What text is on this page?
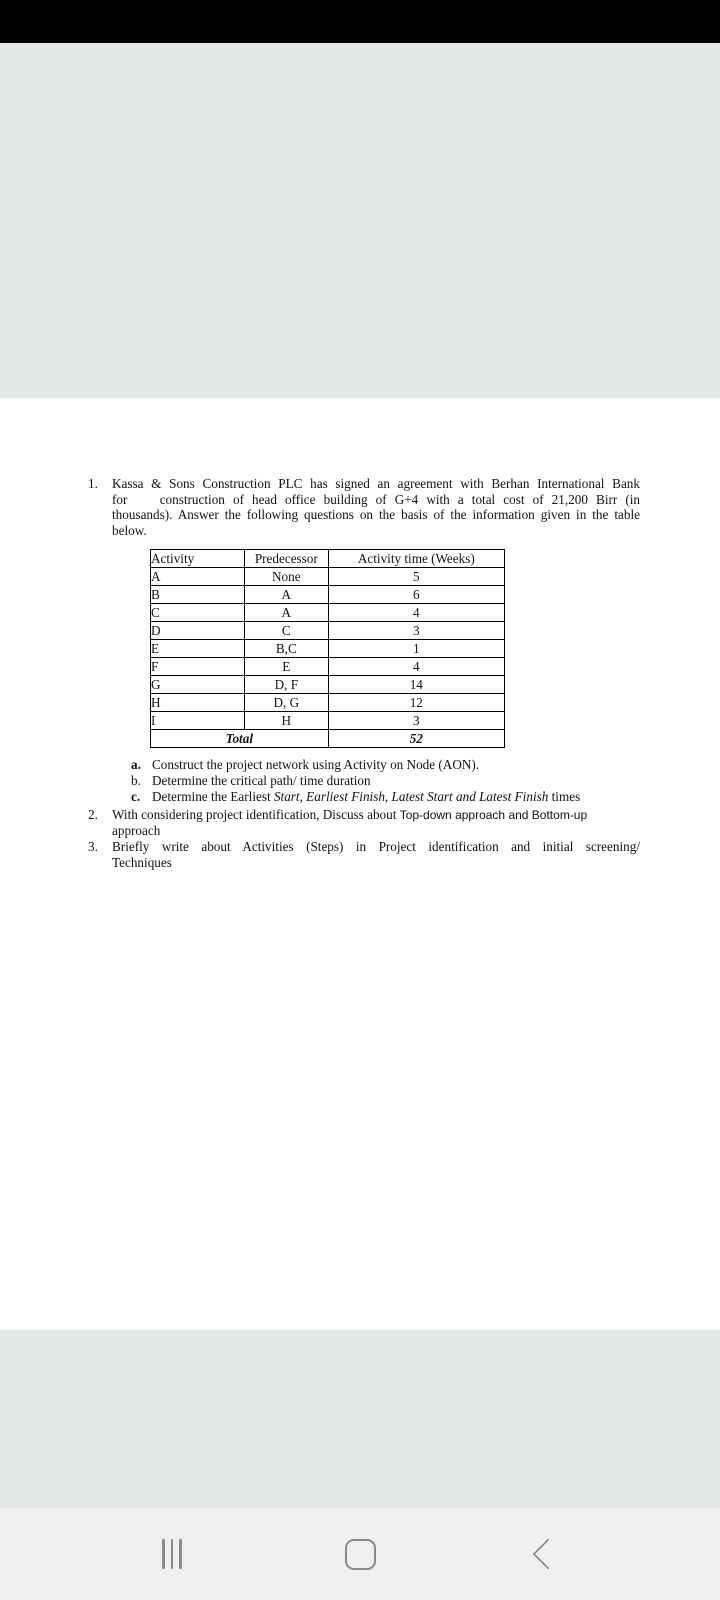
1.	Kassa & Sons Construction PLC has signed an agreement with Berhan International Bank
for construction of head office building of G+4 with a total cost of 21,200 Birr (in
thousands). Answer the following questions on the basis of the information given in the table
below.
Activity	Predecessor	Activity time (Weeks)
A	None	5
B	A	6
C	A	4
D	C	3
E	B,C	1
F	E	4
G	D, F	14
H	D, G	12
I	H	3
Total		52
a. Construct the project network using Activity on Node (AON).
b. Determine the critical path/ time duration
c. Determine the Earliest Start, Earliest Finish, Latest Start and Latest Finish times
2.	With considering project identification, Discuss about Top-down approach and Bottom-up
approach
3.	Briefly write about Activities (Steps) in Project identification and initial screening/
Techniques
